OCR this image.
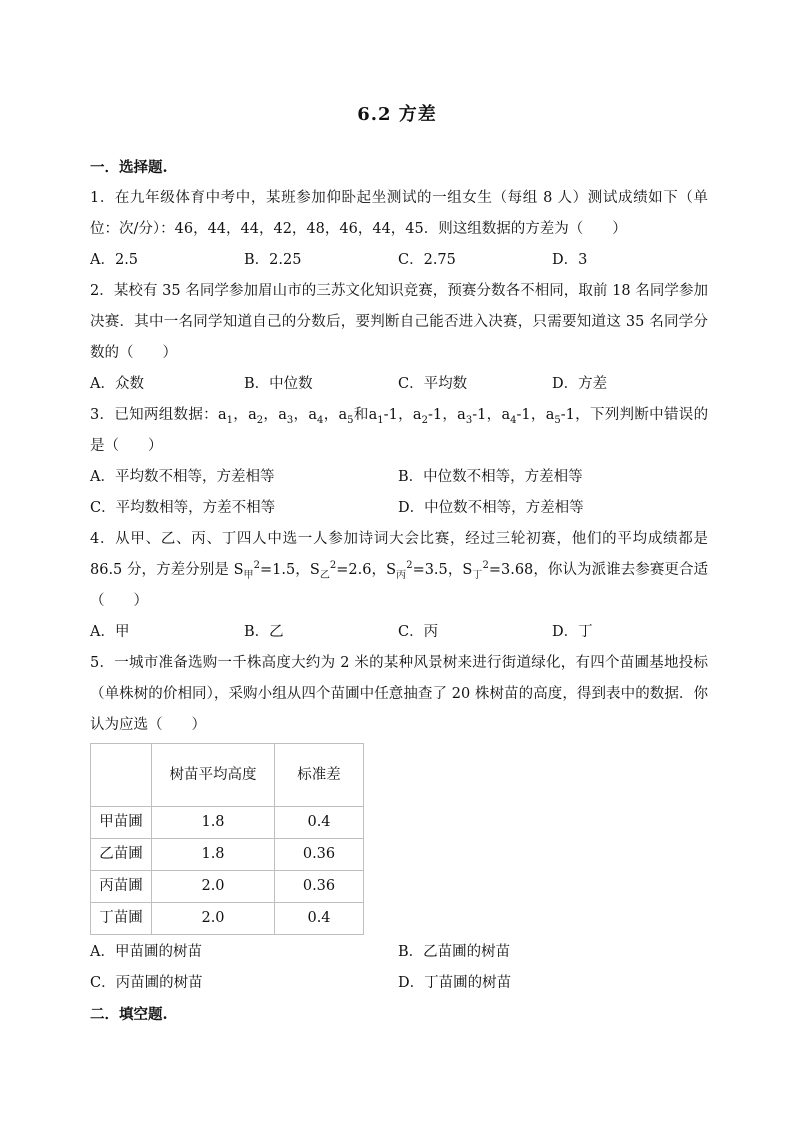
6.2 方差
一．选择题.

1．在九年级体育中考中，某班参加仰卧起坐测试的一组女生（每组 8 人）测试成绩如下（单位：次/分）：46，44，44，42，48，46，44，45．则这组数据的方差为（　　）

A．2.5	B．2.25	C．2.75	D．3

2．某校有 35 名同学参加眉山市的三苏文化知识竞赛，预赛分数各不相同，取前 18 名同学参加决赛．其中一名同学知道自己的分数后，要判断自己能否进入决赛，只需要知道这 35 名同学分数的（　　）

A．众数	B．中位数	C．平均数	D．方差

3．已知两组数据：$a_1$，$a_2$，$a_3$，$a_4$，$a_5$和$a_1-1$，$a_2-1$，$a_3-1$，$a_4-1$，$a_5-1$，下列判断中错误的是（　　）

A．平均数不相等，方差相等	B．中位数不相等，方差相等
C．平均数相等，方差不相等	D．中位数不相等，方差相等

4．从甲、乙、丙、丁四人中选一人参加诗词大会比赛，经过三轮初赛，他们的平均成绩都是 86.5 分，方差分别是 $S_甲^2=1.5$，$S_乙^2=2.6$，$S_丙^2=3.5$，$S_丁^2=3.68$，你认为派谁去参赛更合适（　　）

A．甲	B．乙	C．丙	D．丁

5．一城市准备选购一千株高度大约为 2 米的某种风景树来进行街道绿化，有四个苗圃基地投标（单株树的价相同），采购小组从四个苗圃中任意抽查了 20 株树苗的高度，得到表中的数据．你认为应选（　　）

	树苗平均高度	标准差
甲苗圃	1.8	0.4
乙苗圃	1.8	0.36
丙苗圃	2.0	0.36
丁苗圃	2.0	0.4
A．甲苗圃的树苗	B．乙苗圃的树苗
C．丙苗圃的树苗	D．丁苗圃的树苗
二．填空题.
